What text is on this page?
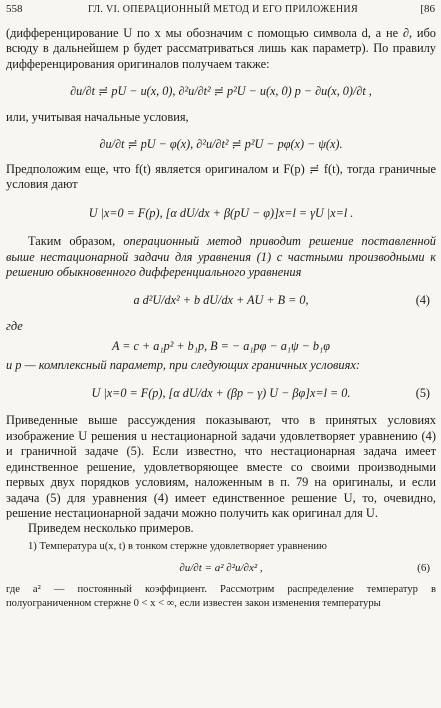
558	ГЛ. VI. ОПЕРАЦИОННЫЙ МЕТОД И ЕГО ПРИЛОЖЕНИЯ	[86

(дифференцирование U по x мы обозначим с помощью символа d, а не ∂, ибо всюду в дальнейшем p будет рассматриваться лишь как параметр). По правилу дифференцирования оригиналов получаем также:

∂u/∂t ≓ pU − u(x, 0), ∂²u/∂t² ≓ p²U − u(x, 0) p − ∂u(x, 0)/∂t ,

или, учитывая начальные условия,

∂u/∂t ≓ pU − φ(x), ∂²u/∂t² ≓ p²U − pφ(x) − ψ(x).

Предположим еще, что f(t) является оригиналом и F(p) ≓ f(t), тогда граничные условия дают

U |x=0 = F(p), [α dU/dx + β(pU − φ)]x=l = γU |x=l .

Таким образом, операционный метод приводит решение поставленной выше нестационарной задачи для уравнения (1) с частными производными к решению обыкновенного дифференциального уравнения

a d²U/dx² + b dU/dx + AU + B = 0,	(4)

где

A = c + a₁p² + b₁p, B = − a₁pφ − a₁ψ − b₁φ

и p — комплексный параметр, при следующих граничных условиях:

U |x=0 = F(p), [α dU/dx + (βp − γ) U − βφ]x=l = 0.	(5)

Приведенные выше рассуждения показывают, что в принятых условиях изображение U решения u нестационарной задачи удовлетворяет уравнению (4) и граничной задаче (5). Если известно, что нестационарная задача имеет единственное решение, удовлетворяющее вместе со своими производными первых двух порядков условиям, наложенным в п. 79 на оригиналы, и если задача (5) для уравнения (4) имеет единственное решение U, то, очевидно, решение нестационарной задачи можно получить как оригинал для U.

Приведем несколько примеров.

1) Температура u(x, t) в тонком стержне удовлетворяет уравнению

∂u/∂t = a² ∂²u/∂x² ,	(6)

где a² — постоянный коэффициент. Рассмотрим распределение температур в полуограниченном стержне 0 < x < ∞, если известен закон изменения температуры
